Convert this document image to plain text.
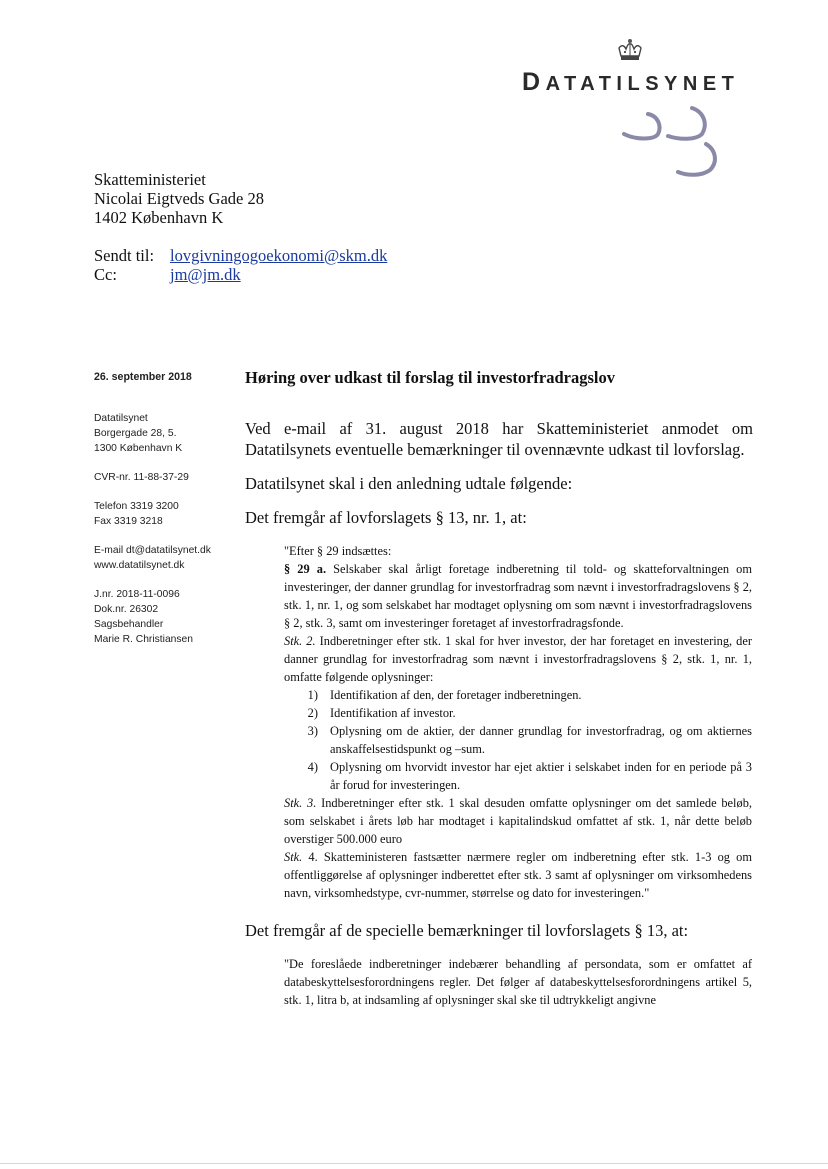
DATATILSYNET
Skatteministeriet
Nicolai Eigtveds Gade 28
1402 København K
Sendt til: lovgivningogoekonomi@skm.dk
Cc:	jm@jm.dk

26. september 2018

Datatilsynet

Borgergade 28, 5.

1300 København K

CVR-nr. 11-88-37-29

Telefon 3319 3200

Fax 3319 3218

E-mail dt@datatilsynet.dk

www.datatilsynet.dk

J.nr. 2018-11-0096

Dok.nr. 26302

Sagsbehandler

Marie R. Christiansen

Høring over udkast til forslag til investorfradragslov

Ved e-mail af 31. august 2018 har Skatteministeriet anmodet om Datatilsynets eventuelle bemærkninger til ovennævnte udkast til lovforslag.

Datatilsynet skal i den anledning udtale følgende:

Det fremgår af lovforslagets § 13, nr. 1, at:

"Efter § 29 indsættes:

§ 29 a. Selskaber skal årligt foretage indberetning til told- og skatteforvaltningen om investeringer, der danner grundlag for investorfradrag som nævnt i investorfradragslovens § 2, stk. 1, nr. 1, og som selskabet har modtaget oplysning om som nævnt i investorfradragslovens § 2, stk. 3, samt om investeringer foretaget af investorfradragsfonde.

Stk. 2. Indberetninger efter stk. 1 skal for hver investor, der har foretaget en investering, der danner grundlag for investorfradrag som nævnt i investorfradragslovens § 2, stk. 1, nr. 1, omfatte følgende oplysninger:

1) Identifikation af den, der foretager indberetningen.
2) Identifikation af investor.
3) Oplysning om de aktier, der danner grundlag for investorfradrag, og om aktiernes anskaffelsestidspunkt og –sum.
4) Oplysning om hvorvidt investor har ejet aktier i selskabet inden for en periode på 3 år forud for investeringen.

Stk. 3. Indberetninger efter stk. 1 skal desuden omfatte oplysninger om det samlede beløb, som selskabet i årets løb har modtaget i kapitalindskud omfattet af stk. 1, når dette beløb overstiger 500.000 euro

Stk. 4. Skatteministeren fastsætter nærmere regler om indberetning efter stk. 1-3 og om offentliggørelse af oplysninger indberettet efter stk. 3 samt af oplysninger om virksomhedens navn, virksomhedstype, cvr-nummer, størrelse og dato for investeringen."

Det fremgår af de specielle bemærkninger til lovforslagets § 13, at:

"De foreslåede indberetninger indebærer behandling af persondata, som er omfattet af databeskyttelsesforordningens regler. Det følger af databeskyttelsesforordningens artikel 5, stk. 1, litra b, at indsamling af oplysninger skal ske til udtrykkeligt angivne
